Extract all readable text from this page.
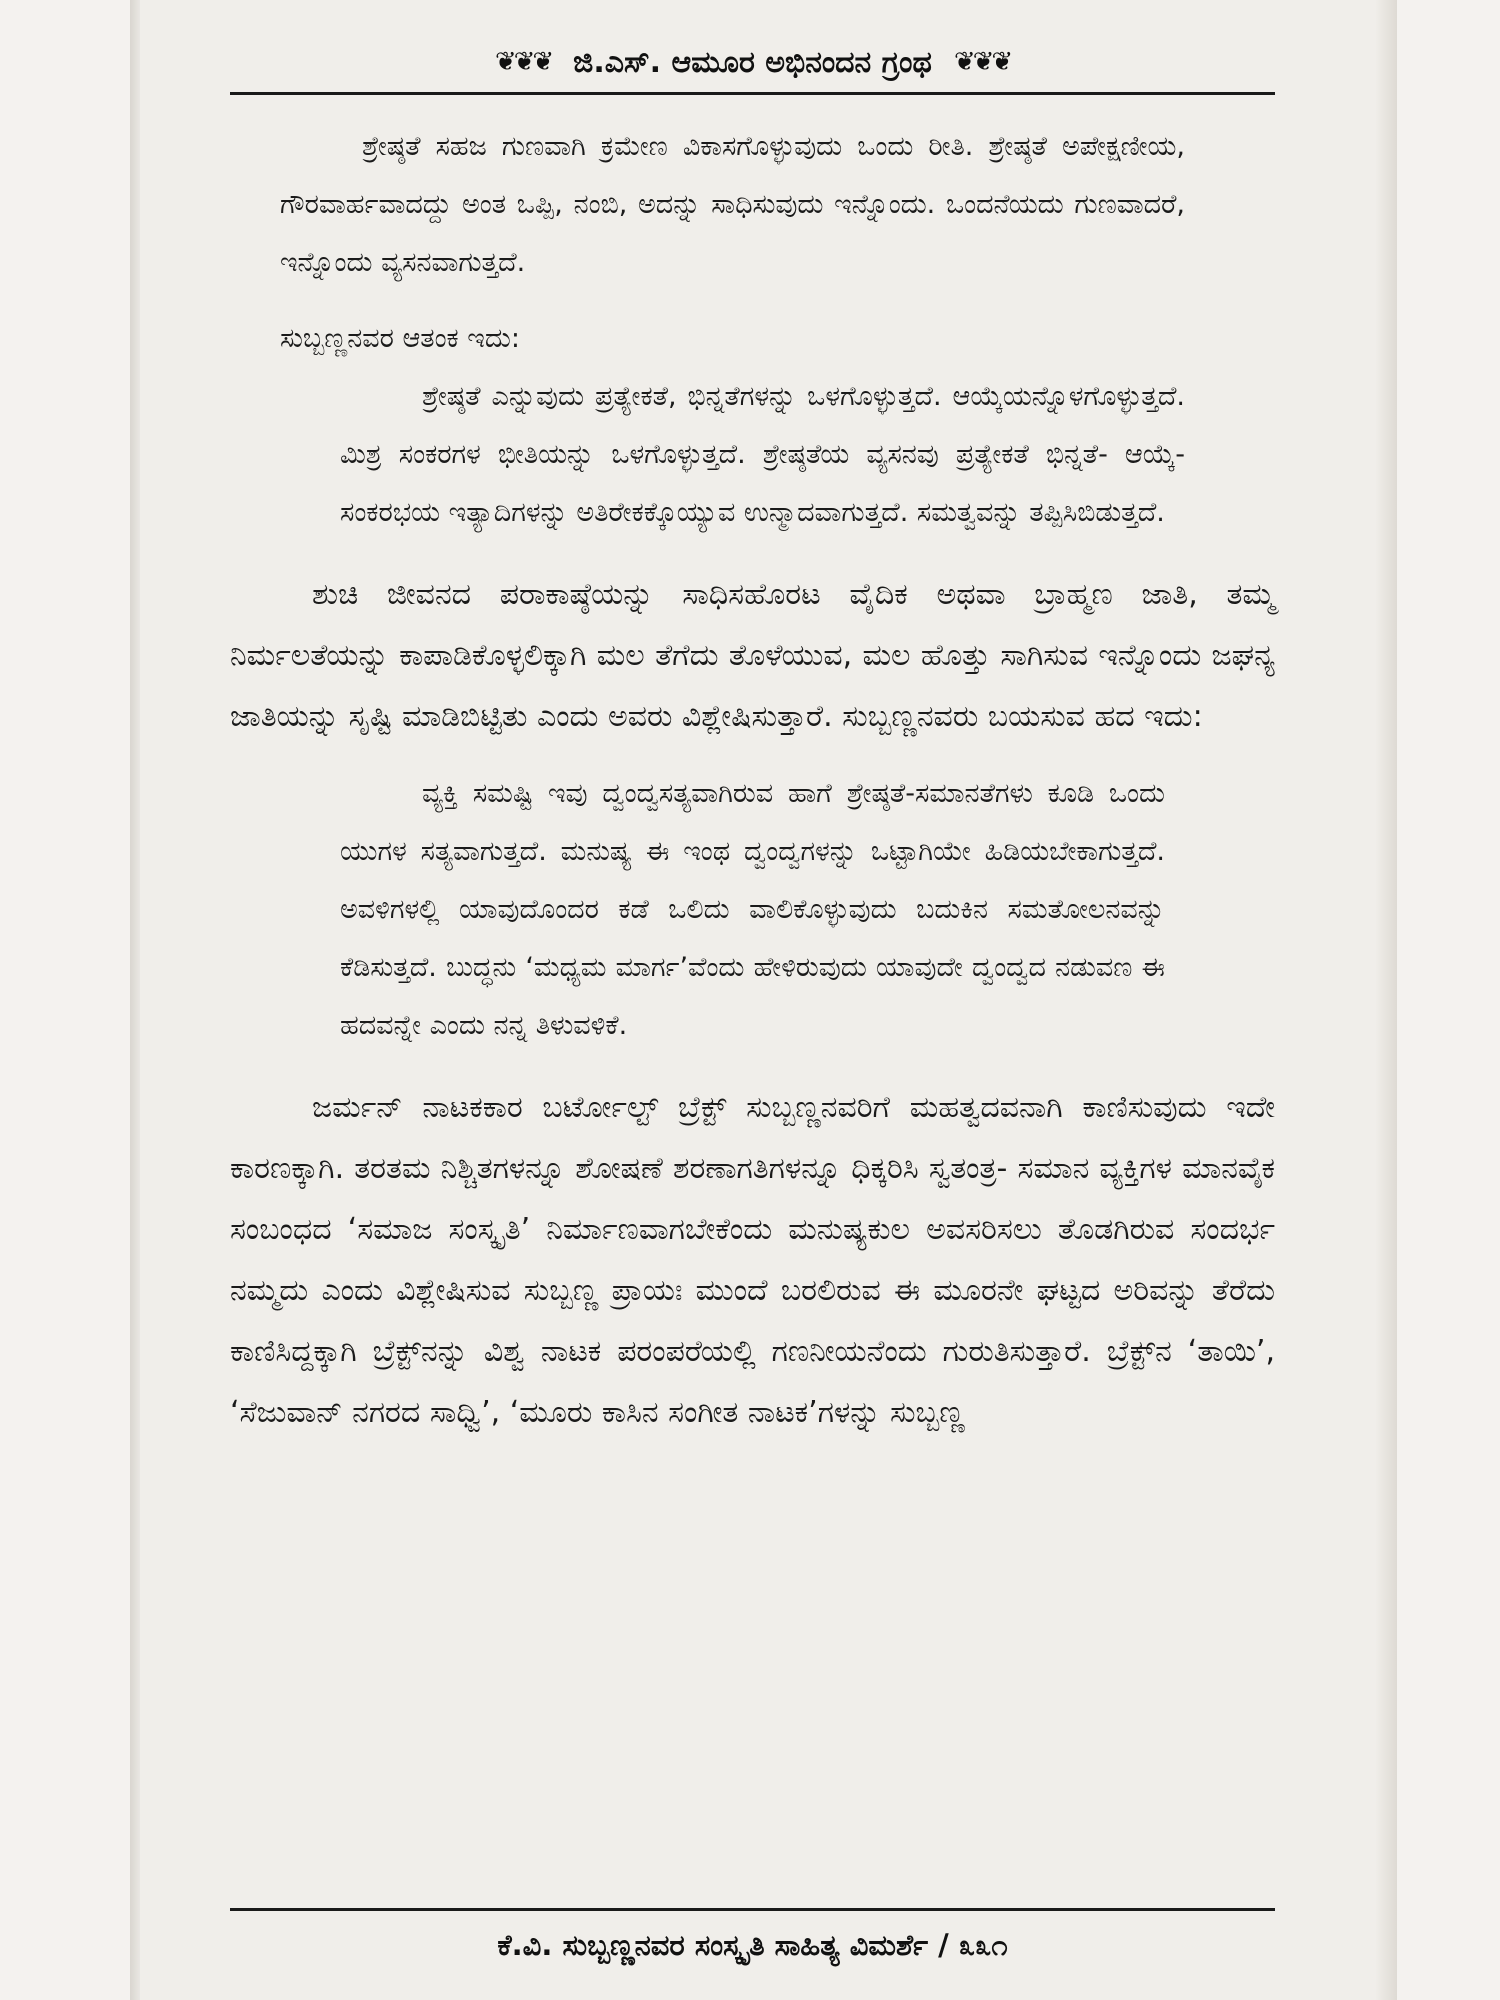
❦❦❦ ಜಿ.ಎಸ್. ಆಮೂರ ಅಭಿನಂದನ ಗ್ರಂಥ ❦❦❦

ಶ್ರೇಷ್ಠತೆ ಸಹಜ ಗುಣವಾಗಿ ಕ್ರಮೇಣ ವಿಕಾಸಗೊಳ್ಳುವುದು ಒಂದು ರೀತಿ. ಶ್ರೇಷ್ಠತೆ ಅಪೇಕ್ಷಣೀಯ, ಗೌರವಾರ್ಹವಾದದ್ದು ಅಂತ ಒಪ್ಪಿ, ನಂಬಿ, ಅದನ್ನು ಸಾಧಿಸುವುದು ಇನ್ನೊಂದು. ಒಂದನೆಯದು ಗುಣವಾದರೆ, ಇನ್ನೊಂದು ವ್ಯಸನವಾಗುತ್ತದೆ.

ಸುಬ್ಬಣ್ಣನವರ ಆತಂಕ ಇದು:

ಶ್ರೇಷ್ಠತೆ ಎನ್ನುವುದು ಪ್ರತ್ಯೇಕತೆ, ಭಿನ್ನತೆಗಳನ್ನು ಒಳಗೊಳ್ಳುತ್ತದೆ. ಆಯ್ಕೆಯನ್ನೊಳಗೊಳ್ಳುತ್ತದೆ. ಮಿಶ್ರ ಸಂಕರಗಳ ಭೀತಿಯನ್ನು ಒಳಗೊಳ್ಳುತ್ತದೆ. ಶ್ರೇಷ್ಠತೆಯ ವ್ಯಸನವು ಪ್ರತ್ಯೇಕತೆ ಭಿನ್ನತೆ- ಆಯ್ಕೆ- ಸಂಕರಭಯ ಇತ್ಯಾದಿಗಳನ್ನು ಅತಿರೇಕಕ್ಕೊಯ್ಯುವ ಉನ್ಮಾದವಾಗುತ್ತದೆ. ಸಮತ್ವವನ್ನು ತಪ್ಪಿಸಿಬಿಡುತ್ತದೆ.

ಶುಚಿ ಜೀವನದ ಪರಾಕಾಷ್ಠೆಯನ್ನು ಸಾಧಿಸಹೊರಟ ವೈದಿಕ ಅಥವಾ ಬ್ರಾಹ್ಮಣ ಜಾತಿ, ತಮ್ಮ ನಿರ್ಮಲತೆಯನ್ನು ಕಾಪಾಡಿಕೊಳ್ಳಲಿಕ್ಕಾಗಿ ಮಲ ತೆಗೆದು ತೊಳೆಯುವ, ಮಲ ಹೊತ್ತು ಸಾಗಿಸುವ ಇನ್ನೊಂದು ಜಘನ್ಯ ಜಾತಿಯನ್ನು ಸೃಷ್ಟಿ ಮಾಡಿಬಿಟ್ಟಿತು ಎಂದು ಅವರು ವಿಶ್ಲೇಷಿಸುತ್ತಾರೆ. ಸುಬ್ಬಣ್ಣನವರು ಬಯಸುವ ಹದ ಇದು:

ವ್ಯಕ್ತಿ ಸಮಷ್ಟಿ ಇವು ದ್ವಂದ್ವಸತ್ಯವಾಗಿರುವ ಹಾಗೆ ಶ್ರೇಷ್ಠತೆ-ಸಮಾನತೆಗಳು ಕೂಡಿ ಒಂದು ಯುಗಳ ಸತ್ಯವಾಗುತ್ತದೆ. ಮನುಷ್ಯ ಈ ಇಂಥ ದ್ವಂದ್ವಗಳನ್ನು ಒಟ್ಟಾಗಿಯೇ ಹಿಡಿಯಬೇಕಾಗುತ್ತದೆ. ಅವಳಿಗಳಲ್ಲಿ ಯಾವುದೊಂದರ ಕಡೆ ಒಲಿದು ವಾಲಿಕೊಳ್ಳುವುದು ಬದುಕಿನ ಸಮತೋಲನವನ್ನು ಕೆಡಿಸುತ್ತದೆ. ಬುದ್ಧನು ‘ಮಧ್ಯಮ ಮಾರ್ಗ’ವೆಂದು ಹೇಳಿರುವುದು ಯಾವುದೇ ದ್ವಂದ್ವದ ನಡುವಣ ಈ ಹದವನ್ನೇ ಎಂದು ನನ್ನ ತಿಳುವಳಿಕೆ.

ಜರ್ಮನ್ ನಾಟಕಕಾರ ಬರ್ಟೋಲ್ಟ್ ಬ್ರೆಕ್ಟ್ ಸುಬ್ಬಣ್ಣನವರಿಗೆ ಮಹತ್ವದವನಾಗಿ ಕಾಣಿಸುವುದು ಇದೇ ಕಾರಣಕ್ಕಾಗಿ. ತರತಮ ನಿಶ್ಚಿತಗಳನ್ನೂ ಶೋಷಣೆ ಶರಣಾಗತಿಗಳನ್ನೂ ಧಿಕ್ಕರಿಸಿ ಸ್ವತಂತ್ರ- ಸಮಾನ ವ್ಯಕ್ತಿಗಳ ಮಾನವೈಕ ಸಂಬಂಧದ ‘ಸಮಾಜ ಸಂಸ್ಕೃತಿ’ ನಿರ್ಮಾಣವಾಗಬೇಕೆಂದು ಮನುಷ್ಯಕುಲ ಅವಸರಿಸಲು ತೊಡಗಿರುವ ಸಂದರ್ಭ ನಮ್ಮದು ಎಂದು ವಿಶ್ಲೇಷಿಸುವ ಸುಬ್ಬಣ್ಣ ಪ್ರಾಯಃ ಮುಂದೆ ಬರಲಿರುವ ಈ ಮೂರನೇ ಘಟ್ಟದ ಅರಿವನ್ನು ತೆರೆದು ಕಾಣಿಸಿದ್ದಕ್ಕಾಗಿ ಬ್ರೆಕ್ಟ್‌ನನ್ನು ವಿಶ್ವ ನಾಟಕ ಪರಂಪರೆಯಲ್ಲಿ ಗಣನೀಯನೆಂದು ಗುರುತಿಸುತ್ತಾರೆ. ಬ್ರೆಕ್ಟ್‌ನ ‘ತಾಯಿ’, ‘ಸೆಜುವಾನ್ ನಗರದ ಸಾಧ್ವಿ’, ‘ಮೂರು ಕಾಸಿನ ಸಂಗೀತ ನಾಟಕ’ಗಳನ್ನು ಸುಬ್ಬಣ್ಣ

ಕೆ.ವಿ. ಸುಬ್ಬಣ್ಣನವರ ಸಂಸ್ಕೃತಿ ಸಾಹಿತ್ಯ ವಿಮರ್ಶೆ / ೩೩೧
